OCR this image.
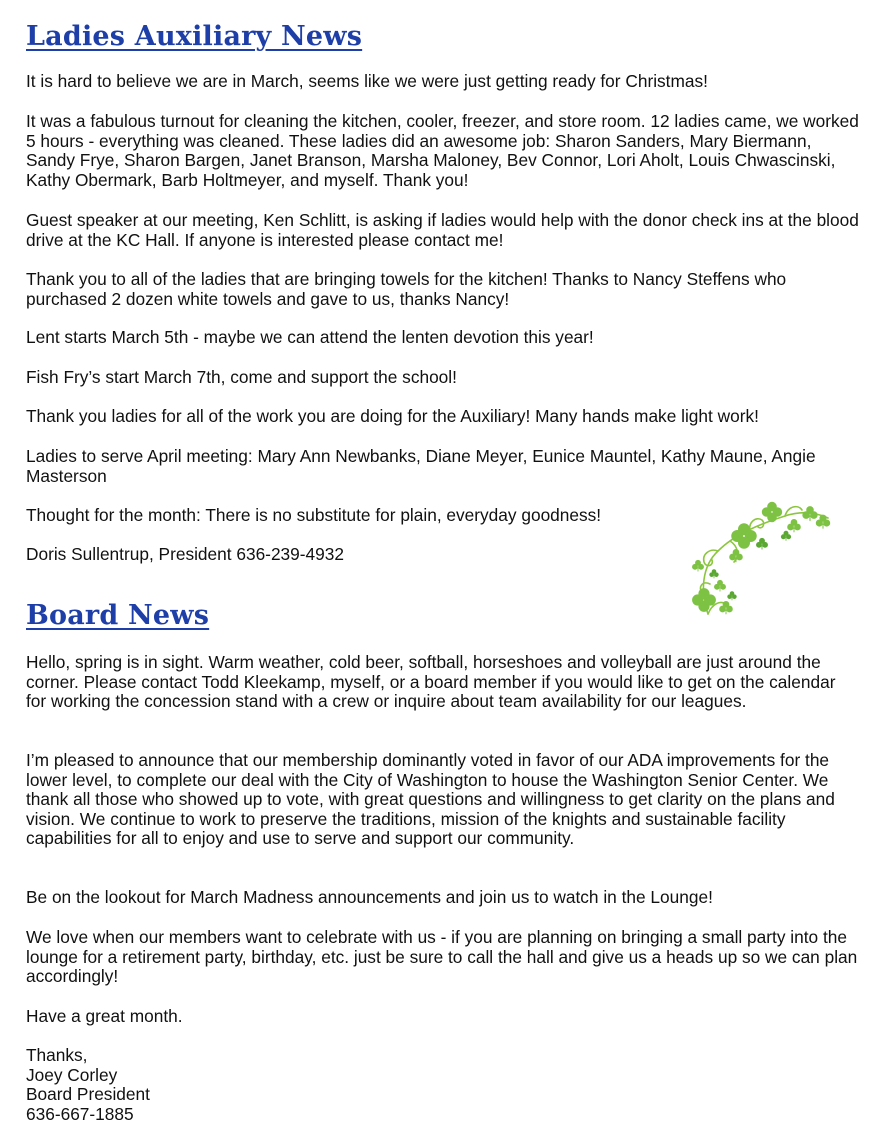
Ladies Auxiliary News

It is hard to believe we are in March, seems like we were just getting ready for Christmas!

It was a fabulous turnout for cleaning the kitchen, cooler, freezer, and store room. 12 ladies came, we worked 5 hours - everything was cleaned. These ladies did an awesome job: Sharon Sanders, Mary Biermann, Sandy Frye, Sharon Bargen, Janet Branson, Marsha Maloney, Bev Connor, Lori Aholt, Louis Chwascinski, Kathy Obermark, Barb Holtmeyer, and myself. Thank you!

Guest speaker at our meeting, Ken Schlitt, is asking if ladies would help with the donor check ins at the blood drive at the KC Hall. If anyone is interested please contact me!

Thank you to all of the ladies that are bringing towels for the kitchen! Thanks to Nancy Steffens who purchased 2 dozen white towels and gave to us, thanks Nancy!

Lent starts March 5th - maybe we can attend the lenten devotion this year!

Fish Fry’s start March 7th, come and support the school!

Thank you ladies for all of the work you are doing for the Auxiliary! Many hands make light work!

Ladies to serve April meeting: Mary Ann Newbanks, Diane Meyer, Eunice Mauntel, Kathy Maune, Angie Masterson

Thought for the month: There is no substitute for plain, everyday goodness!

Doris Sullentrup, President 636-239-4932

Board News

Hello, spring is in sight. Warm weather, cold beer, softball, horseshoes and volleyball are just around the corner. Please contact Todd Kleekamp, myself, or a board member if you would like to get on the calendar for working the concession stand with a crew or inquire about team availability for our leagues.

I’m pleased to announce that our membership dominantly voted in favor of our ADA improvements for the lower level, to complete our deal with the City of Washington to house the Washington Senior Center. We thank all those who showed up to vote, with great questions and willingness to get clarity on the plans and vision. We continue to work to preserve the traditions, mission of the knights and sustainable facility capabilities for all to enjoy and use to serve and support our community.

Be on the lookout for March Madness announcements and join us to watch in the Lounge!

We love when our members want to celebrate with us - if you are planning on bringing a small party into the lounge for a retirement party, birthday, etc. just be sure to call the hall and give us a heads up so we can plan accordingly!

Have a great month.

Thanks,
Joey Corley
Board President
636-667-1885
